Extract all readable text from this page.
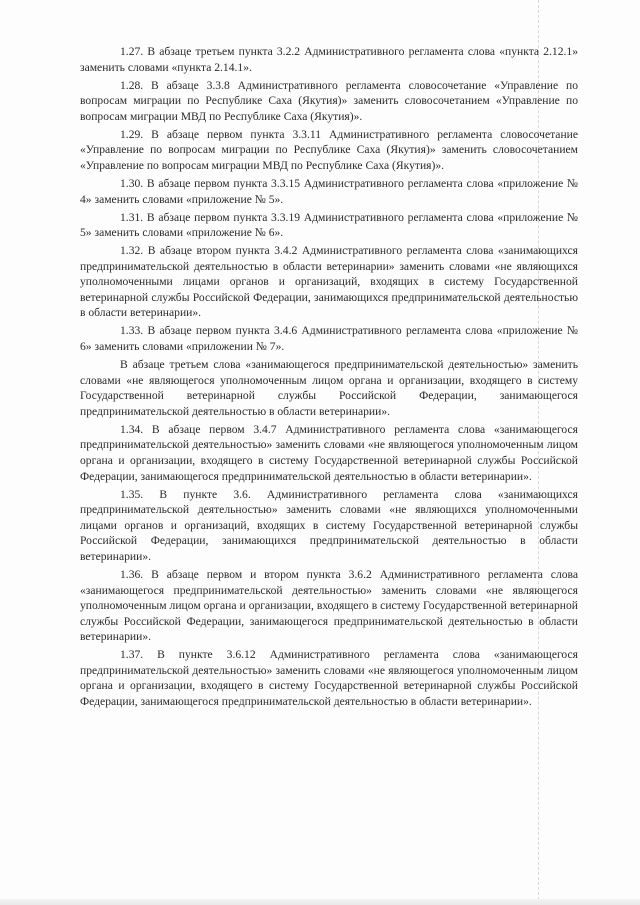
1.27. В абзаце третьем пункта 3.2.2 Административного регламента слова «пункта 2.12.1» заменить словами «пункта 2.14.1».

1.28. В абзаце 3.3.8 Административного регламента словосочетание «Управление по вопросам миграции по Республике Саха (Якутия)» заменить словосочетанием «Управление по вопросам миграции МВД по Республике Саха (Якутия)».

1.29. В абзаце первом пункта 3.3.11 Административного регламента словосочетание «Управление по вопросам миграции по Республике Саха (Якутия)» заменить словосочетанием «Управление по вопросам миграции МВД по Республике Саха (Якутия)».

1.30. В абзаце первом пункта 3.3.15 Административного регламента слова «приложение № 4» заменить словами «приложение № 5».

1.31. В абзаце первом пункта 3.3.19 Административного регламента слова «приложение № 5» заменить словами «приложение № 6».

1.32. В абзаце втором пункта 3.4.2 Административного регламента слова «занимающихся предпринимательской деятельностью в области ветеринарии» заменить словами «не являющихся уполномоченными лицами органов и организаций, входящих в систему Государственной ветеринарной службы Российской Федерации, занимающихся предпринимательской деятельностью в области ветеринарии».

1.33. В абзаце первом пункта 3.4.6 Административного регламента слова «приложение № 6» заменить словами «приложении № 7».

В абзаце третьем слова «занимающегося предпринимательской деятельностью» заменить словами «не являющегося уполномоченным лицом органа и организации, входящего в систему Государственной ветеринарной службы Российской Федерации, занимающегося предпринимательской деятельностью в области ветеринарии».

1.34. В абзаце первом 3.4.7 Административного регламента слова «занимающегося предпринимательской деятельностью» заменить словами «не являющегося уполномоченным лицом органа и организации, входящего в систему Государственной ветеринарной службы Российской Федерации, занимающегося предпринимательской деятельностью в области ветеринарии».

1.35. В пункте 3.6. Административного регламента слова «занимающихся предпринимательской деятельностью» заменить словами «не являющихся уполномоченными лицами органов и организаций, входящих в систему Государственной ветеринарной службы Российской Федерации, занимающихся предпринимательской деятельностью в области ветеринарии».

1.36. В абзаце первом и втором пункта 3.6.2 Административного регламента слова «занимающегося предпринимательской деятельностью» заменить словами «не являющегося уполномоченным лицом органа и организации, входящего в систему Государственной ветеринарной службы Российской Федерации, занимающегося предпринимательской деятельностью в области ветеринарии».

1.37. В пункте 3.6.12 Административного регламента слова «занимающегося предпринимательской деятельностью» заменить словами «не являющегося уполномоченным лицом органа и организации, входящего в систему Государственной ветеринарной службы Российской Федерации, занимающегося предпринимательской деятельностью в области ветеринарии».
